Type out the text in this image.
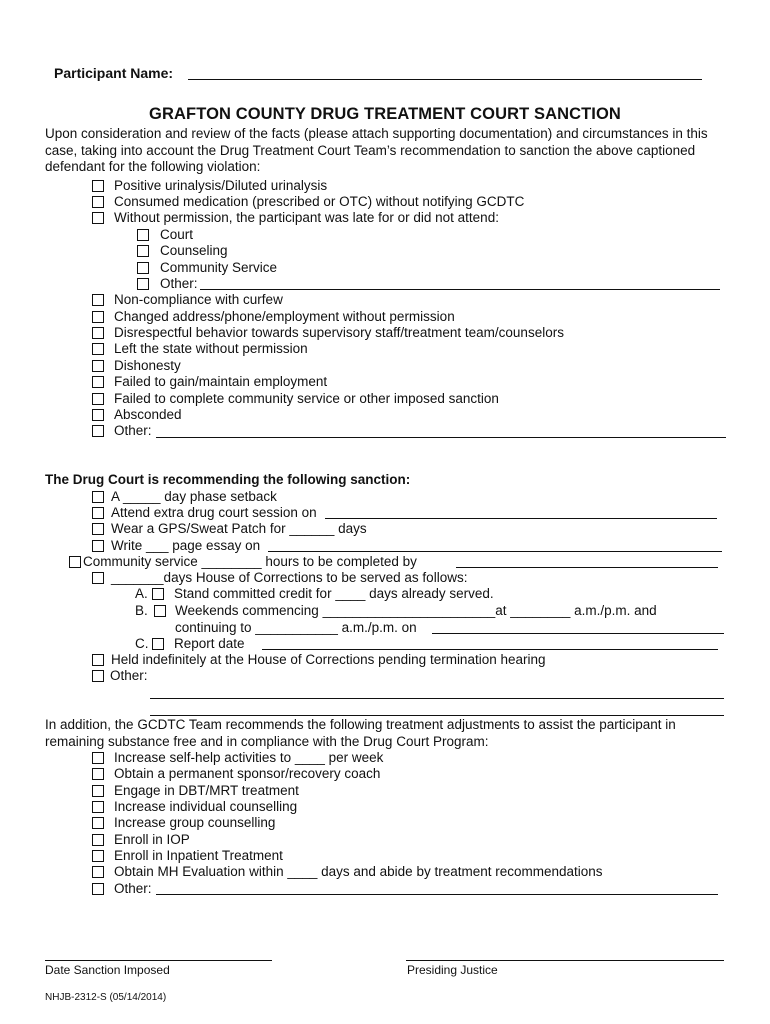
Participant Name:
GRAFTON COUNTY DRUG TREATMENT COURT SANCTION
Upon consideration and review of the facts (please attach supporting documentation) and circumstances in this
case, taking into account the Drug Treatment Court Team’s recommendation to sanction the above captioned
defendant for the following violation:
Positive urinalysis/Diluted urinalysis
Consumed medication (prescribed or OTC) without notifying GCDTC
Without permission, the participant was late for or did not attend:
Court
Counseling
Community Service
Other:
Non-compliance with curfew
Changed address/phone/employment without permission
Disrespectful behavior towards supervisory staff/treatment team/counselors
Left the state without permission
Dishonesty
Failed to gain/maintain employment
Failed to complete community service or other imposed sanction
Absconded
Other:
The Drug Court is recommending the following sanction:
A _____ day phase setback
Attend extra drug court session on
Wear a GPS/Sweat Patch for ______ days
Write ___ page essay on
Community service ________ hours to be completed by
_______days House of Corrections to be served as follows:
A. Stand committed credit for ____ days already served.
B. Weekends commencing _______________________at ________ a.m./p.m. and
continuing to ___________ a.m./p.m. on
C. Report date
Held indefinitely at the House of Corrections pending termination hearing
Other:
In addition, the GCDTC Team recommends the following treatment adjustments to assist the participant in
remaining substance free and in compliance with the Drug Court Program:
Increase self-help activities to ____ per week
Obtain a permanent sponsor/recovery coach
Engage in DBT/MRT treatment
Increase individual counselling
Increase group counselling
Enroll in IOP
Enroll in Inpatient Treatment
Obtain MH Evaluation within ____ days and abide by treatment recommendations
Other:
Date Sanction Imposed	Presiding Justice
NHJB-2312-S (05/14/2014)
